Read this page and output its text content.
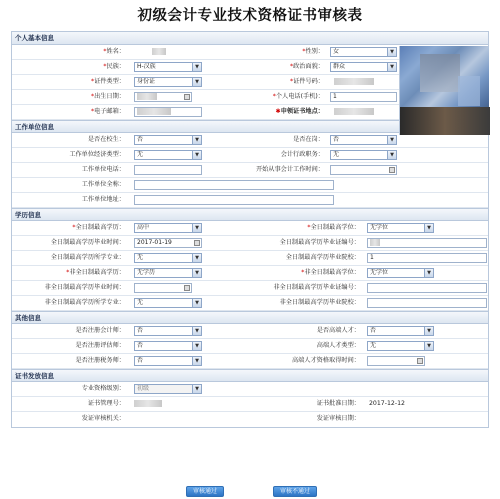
初级会计专业技术资格证书审核表
个人基本信息
*姓名：	*性别：	女	▼
*民族：	H-汉族	▼	*政治面貌：	群众	▼
*证件类型：	身份证	▼	*证件号码：
*出生日期：	*个人电话(手机)：	1
*电子邮箱：	✱申领证书地点：
工作单位信息
是否在校生：	否	▼	是否在岗：	否	▼
工作单位经济类型：	无	▼	会计行政职务：	无	▼
工作单位电话：	开始从事会计工作时间：
工作单位全称：
工作单位地址：
学历信息
*全日制最高学历：	高中	▼	*全日制最高学位：	无学位	▼
全日制最高学历毕业时间：	2017-01-19	全日制最高学历毕业证编号：
全日制最高学历所学专业：	无	▼	全日制最高学历毕业院校：	1
*非全日制最高学历：	无学历	▼	*非全日制最高学位：	无学位	▼
非全日制最高学历毕业时间：	非全日制最高学历毕业证编号：
非全日制最高学历所学专业：	无	▼	非全日制最高学历毕业院校：
其他信息
是否注册会计师：	否	▼	是否高端人才：	否	▼
是否注册评估师：	否	▼	高端人才类型：	无	▼
是否注册税务师：	否	▼	高端人才资格取得时间：
证书发放信息
专业资格级别：	初级	▼
证书管理号：	证书批准日期： 2017-12-12
发证审核机关：	发证审核日期：
审核通过	审核不通过
